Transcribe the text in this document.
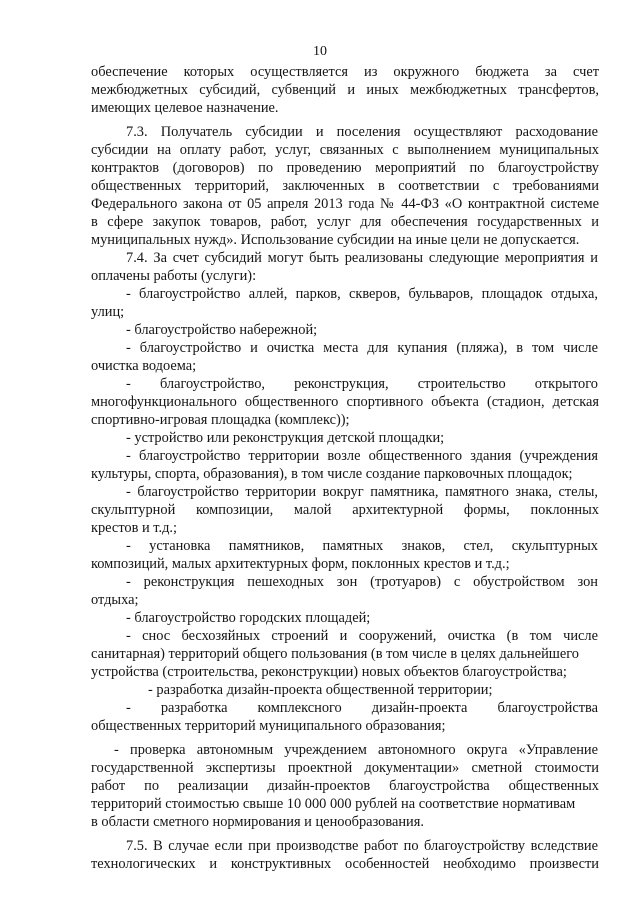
10
обеспечение которых осуществляется из окружного бюджета за счет
межбюджетных субсидий, субвенций и иных межбюджетных трансфертов,
имеющих целевое назначение.
7.3. Получатель субсидии и поселения осуществляют расходование
субсидии на оплату работ, услуг, связанных с выполнением муниципальных
контрактов (договоров) по проведению мероприятий по благоустройству
общественных территорий, заключенных в соответствии с требованиями
Федерального закона от 05 апреля 2013 года № 44-ФЗ «О контрактной системе
в сфере закупок товаров, работ, услуг для обеспечения государственных и
муниципальных нужд». Использование субсидии на иные цели не допускается.
7.4. За счет субсидий могут быть реализованы следующие мероприятия и
оплачены работы (услуги):
- благоустройство аллей, парков, скверов, бульваров, площадок отдыха,
улиц;
- благоустройство набережной;
- благоустройство и очистка места для купания (пляжа), в том числе
очистка водоема;
- благоустройство, реконструкция, строительство открытого
многофункционального общественного спортивного объекта (стадион, детская
спортивно-игровая площадка (комплекс));
- устройство или реконструкция детской площадки;
- благоустройство территории возле общественного здания (учреждения
культуры, спорта, образования), в том числе создание парковочных площадок;
- благоустройство территории вокруг памятника, памятного знака, стелы,
скульптурной композиции, малой архитектурной формы, поклонных
крестов и т.д.;
- установка памятников, памятных знаков, стел, скульптурных
композиций, малых архитектурных форм, поклонных крестов и т.д.;
- реконструкция пешеходных зон (тротуаров) с обустройством зон
отдыха;
- благоустройство городских площадей;
- снос бесхозяйных строений и сооружений, очистка (в том числе
санитарная) территорий общего пользования (в том числе в целях дальнейшего
устройства (строительства, реконструкции) новых объектов благоустройства;
- разработка дизайн-проекта общественной территории;
- разработка комплексного дизайн-проекта благоустройства
общественных территорий муниципального образования;
- проверка автономным учреждением автономного округа «Управление
государственной экспертизы проектной документации» сметной стоимости
работ по реализации дизайн-проектов благоустройства общественных
территорий стоимостью свыше 10 000 000 рублей на соответствие нормативам
в области сметного нормирования и ценообразования.
7.5. В случае если при производстве работ по благоустройству вследствие
технологических и конструктивных особенностей необходимо произвести
